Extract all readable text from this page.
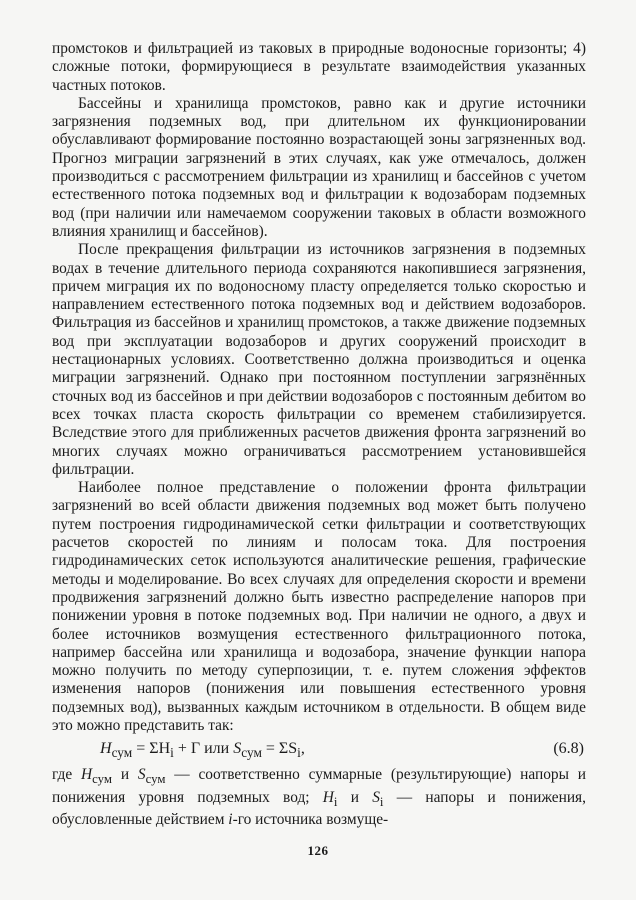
промстоков и фильтрацией из таковых в природные водоносные горизонты; 4) сложные потоки, формирующиеся в результате взаимодействия указанных частных потоков.

Бассейны и хранилища промстоков, равно как и другие источники загрязнения подземных вод, при длительном их функционировании обуславливают формирование постоянно возрастающей зоны загрязненных вод. Прогноз миграции загрязнений в этих случаях, как уже отмечалось, должен производиться с рассмотрением фильтрации из хранилищ и бассейнов с учетом естественного потока подземных вод и фильтрации к водозаборам подземных вод (при наличии или намечаемом сооружении таковых в области возможного влияния хранилищ и бассейнов).

После прекращения фильтрации из источников загрязнения в подземных водах в течение длительного периода сохраняются накопившиеся загрязнения, причем миграция их по водоносному пласту определяется только скоростью и направлением естественного потока подземных вод и действием водозаборов. Фильтрация из бассейнов и хранилищ промстоков, а также движение подземных вод при эксплуатации водозаборов и других сооружений происходит в нестационарных условиях. Соответственно должна производиться и оценка миграции загрязнений. Однако при постоянном поступлении загрязнённых сточных вод из бассейнов и при действии водозаборов с постоянным дебитом во всех точках пласта скорость фильтрации со временем стабилизируется. Вследствие этого для приближенных расчетов движения фронта загрязнений во многих случаях можно ограничиваться рассмотрением установившейся фильтрации.

Наиболее полное представление о положении фронта фильтрации загрязнений во всей области движения подземных вод может быть получено путем построения гидродинамической сетки фильтрации и соответствующих расчетов скоростей по линиям и полосам тока. Для построения гидродинамических сеток используются аналитические решения, графические методы и моделирование. Во всех случаях для определения скорости и времени продвижения загрязнений должно быть известно распределение напоров при понижении уровня в потоке подземных вод. При наличии не одного, а двух и более источников возмущения естественного фильтрационного потока, например бассейна или хранилища и водозабора, значение функции напора можно получить по методу суперпозиции, т. е. путем сложения эффектов изменения напоров (понижения или повышения естественного уровня подземных вод), вызванных каждым источником в отдельности. В общем виде это можно представить так:

$H_{сум} = \Sigma H_i + \Gamma$ или $S_{сум} = \Sigma S_i$,	(6.8)

где $H_{сум}$ и $S_{сум}$ — соответственно суммарные (результирующие) напоры и понижения уровня подземных вод; $H_i$ и $S_i$ — напоры и понижения, обусловленные действием i-го источника возмуще-

126
